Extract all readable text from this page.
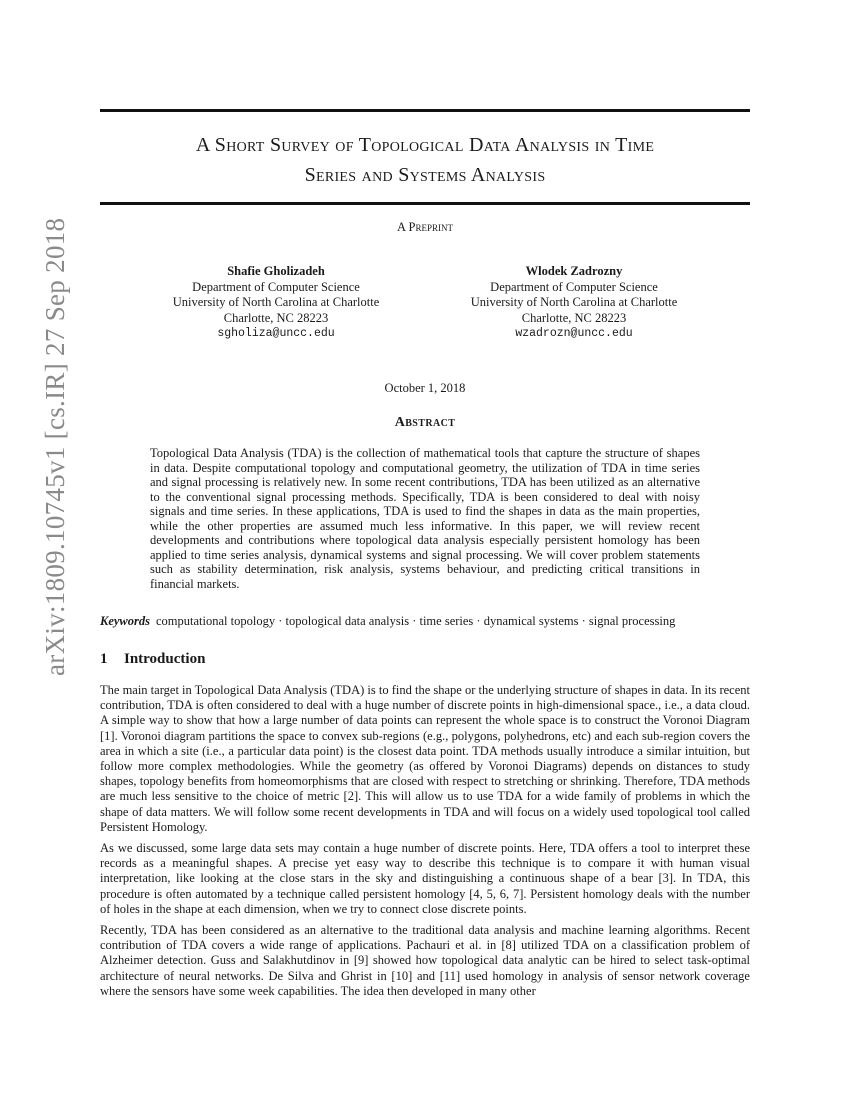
arXiv:1809.10745v1 [cs.IR] 27 Sep 2018
A Short Survey of Topological Data Analysis in Time
Series and Systems Analysis
A Preprint
Shafie Gholizadeh
Department of Computer Science
University of North Carolina at Charlotte
Charlotte, NC 28223
sgholiza@uncc.edu
Wlodek Zadrozny
Department of Computer Science
University of North Carolina at Charlotte
Charlotte, NC 28223
wzadrozn@uncc.edu
October 1, 2018
Abstract
Topological Data Analysis (TDA) is the collection of mathematical tools that capture the structure of shapes in data. Despite computational topology and computational geometry, the utilization of TDA in time series and signal processing is relatively new. In some recent contributions, TDA has been utilized as an alternative to the conventional signal processing methods. Specifically, TDA is been considered to deal with noisy signals and time series. In these applications, TDA is used to find the shapes in data as the main properties, while the other properties are assumed much less informative. In this paper, we will review recent developments and contributions where topological data analysis especially persistent homology has been applied to time series analysis, dynamical systems and signal processing. We will cover problem statements such as stability determination, risk analysis, systems behaviour, and predicting critical transitions in financial markets.
Keywords computational topology · topological data analysis · time series · dynamical systems · signal processing
1 Introduction

The main target in Topological Data Analysis (TDA) is to find the shape or the underlying structure of shapes in data. In its recent contribution, TDA is often considered to deal with a huge number of discrete points in high-dimensional space., i.e., a data cloud. A simple way to show that how a large number of data points can represent the whole space is to construct the Voronoi Diagram [1]. Voronoi diagram partitions the space to convex sub-regions (e.g., polygons, polyhedrons, etc) and each sub-region covers the area in which a site (i.e., a particular data point) is the closest data point. TDA methods usually introduce a similar intuition, but follow more complex methodologies. While the geometry (as offered by Voronoi Diagrams) depends on distances to study shapes, topology benefits from homeomorphisms that are closed with respect to stretching or shrinking. Therefore, TDA methods are much less sensitive to the choice of metric [2]. This will allow us to use TDA for a wide family of problems in which the shape of data matters. We will follow some recent developments in TDA and will focus on a widely used topological tool called Persistent Homology.

As we discussed, some large data sets may contain a huge number of discrete points. Here, TDA offers a tool to interpret these records as a meaningful shapes. A precise yet easy way to describe this technique is to compare it with human visual interpretation, like looking at the close stars in the sky and distinguishing a continuous shape of a bear [3]. In TDA, this procedure is often automated by a technique called persistent homology [4, 5, 6, 7]. Persistent homology deals with the number of holes in the shape at each dimension, when we try to connect close discrete points.

Recently, TDA has been considered as an alternative to the traditional data analysis and machine learning algorithms. Recent contribution of TDA covers a wide range of applications. Pachauri et al. in [8] utilized TDA on a classification problem of Alzheimer detection. Guss and Salakhutdinov in [9] showed how topological data analytic can be hired to select task-optimal architecture of neural networks. De Silva and Ghrist in [10] and [11] used homology in analysis of sensor network coverage where the sensors have some week capabilities. The idea then developed in many other
